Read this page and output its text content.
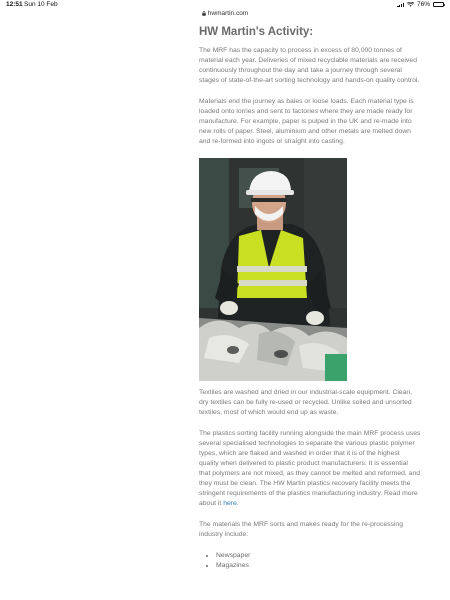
12:51 Sun 10 Feb	76%
hwmartin.com
HW Martin's Activity:

The MRF has the capacity to process in excess of 80,000 tonnes of material each year. Deliveries of mixed recyclable materials are received continuously throughout the day and take a journey through several stages of state-of-the-art sorting technology and hands-on quality control.

Materials end the journey as bales or loose loads. Each material type is loaded onto lorries and sent to factories where they are made ready for manufacture. For example, paper is pulped in the UK and re-made into new rolls of paper. Steel, aluminium and other metals are melted down and re-formed into ingots or straight into casting.

Textiles are washed and dried in our industrial-scale equipment. Clean, dry textiles can be fully re-used or recycled. Unlike soiled and unsorted textiles, most of which would end up as waste.

The plastics sorting facility running alongside the main MRF process uses several specialised technologies to separate the various plastic polymer types, which are flaked and washed in order that it is of the highest quality when delivered to plastic product manufacturers. It is essential that polymers are not mixed, as they cannot be melted and reformed, and they must be clean. The HW Martin plastics recovery facility meets the stringent requirements of the plastics manufacturing industry. Read more about it here.

The materials the MRF sorts and makes ready for the re-processing industry include:

• Newspaper
• Magazines
